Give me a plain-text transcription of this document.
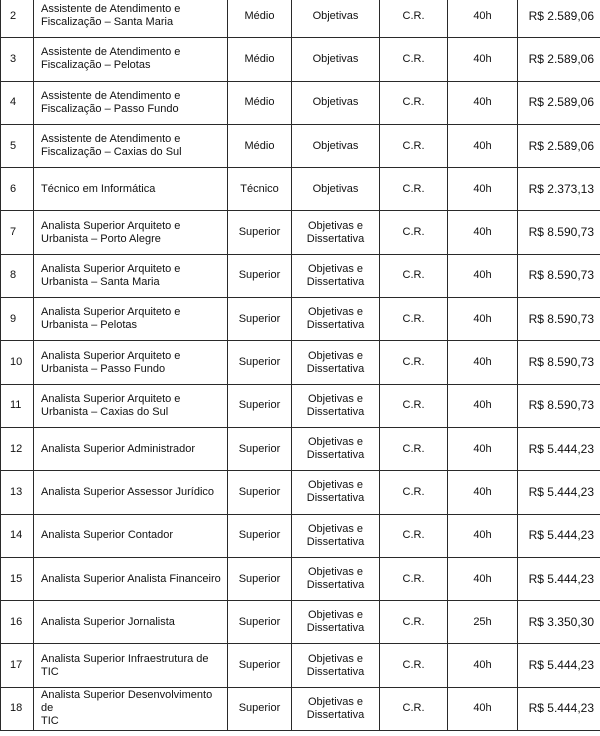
2	Assistente de Atendimento e
Fiscalização – Santa Maria	Médio	Objetivas	C.R.	40h	R$ 2.589,06
3	Assistente de Atendimento e
Fiscalização – Pelotas	Médio	Objetivas	C.R.	40h	R$ 2.589,06
4	Assistente de Atendimento e
Fiscalização – Passo Fundo	Médio	Objetivas	C.R.	40h	R$ 2.589,06
5	Assistente de Atendimento e
Fiscalização – Caxias do Sul	Médio	Objetivas	C.R.	40h	R$ 2.589,06
6	Técnico em Informática	Técnico	Objetivas	C.R.	40h	R$ 2.373,13
7	Analista Superior Arquiteto e
Urbanista – Porto Alegre	Superior	Objetivas e
Dissertativa	C.R.	40h	R$ 8.590,73
8	Analista Superior Arquiteto e
Urbanista – Santa Maria	Superior	Objetivas e
Dissertativa	C.R.	40h	R$ 8.590,73
9	Analista Superior Arquiteto e
Urbanista – Pelotas	Superior	Objetivas e
Dissertativa	C.R.	40h	R$ 8.590,73
10	Analista Superior Arquiteto e
Urbanista – Passo Fundo	Superior	Objetivas e
Dissertativa	C.R.	40h	R$ 8.590,73
11	Analista Superior Arquiteto e
Urbanista – Caxias do Sul	Superior	Objetivas e
Dissertativa	C.R.	40h	R$ 8.590,73
12	Analista Superior Administrador	Superior	Objetivas e
Dissertativa	C.R.	40h	R$ 5.444,23
13	Analista Superior Assessor Jurídico	Superior	Objetivas e
Dissertativa	C.R.	40h	R$ 5.444,23
14	Analista Superior Contador	Superior	Objetivas e
Dissertativa	C.R.	40h	R$ 5.444,23
15	Analista Superior Analista Financeiro	Superior	Objetivas e
Dissertativa	C.R.	40h	R$ 5.444,23
16	Analista Superior Jornalista	Superior	Objetivas e
Dissertativa	C.R.	25h	R$ 3.350,30
17	Analista Superior Infraestrutura de
TIC	Superior	Objetivas e
Dissertativa	C.R.	40h	R$ 5.444,23
18	Analista Superior Desenvolvimento de
TIC	Superior	Objetivas e
Dissertativa	C.R.	40h	R$ 5.444,23
